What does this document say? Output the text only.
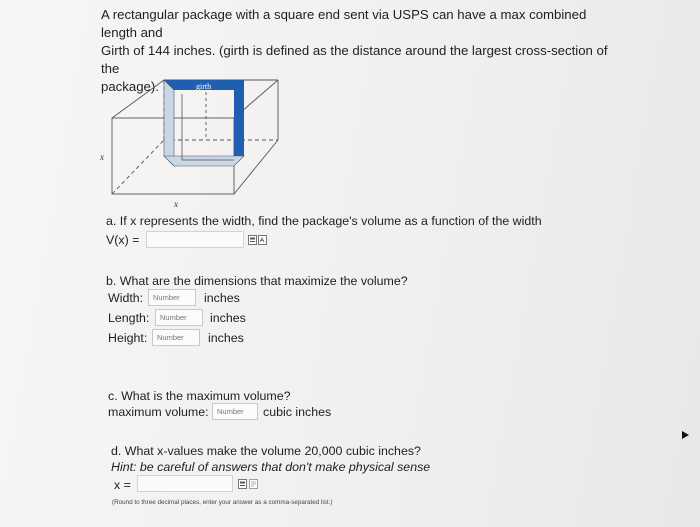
A rectangular package with a square end sent via USPS can have a max combined length and
Girth of 144 inches. (girth is defined as the distance around the largest cross-section of the
package).	girth
x
x
a. If x represents the width, find the package's volume as a function of the width
V(x) =
b. What are the dimensions that maximize the volume?
Width:	Number	inches
Length:	Number	inches
Height:	Number	inches
c. What is the maximum volume?
maximum volume:	Number	cubic inches
d. What x-values make the volume 20,000 cubic inches?
Hint: be careful of answers that don't make physical sense
x =
(Round to three decimal places, enter your answer as a comma-separated list.)
